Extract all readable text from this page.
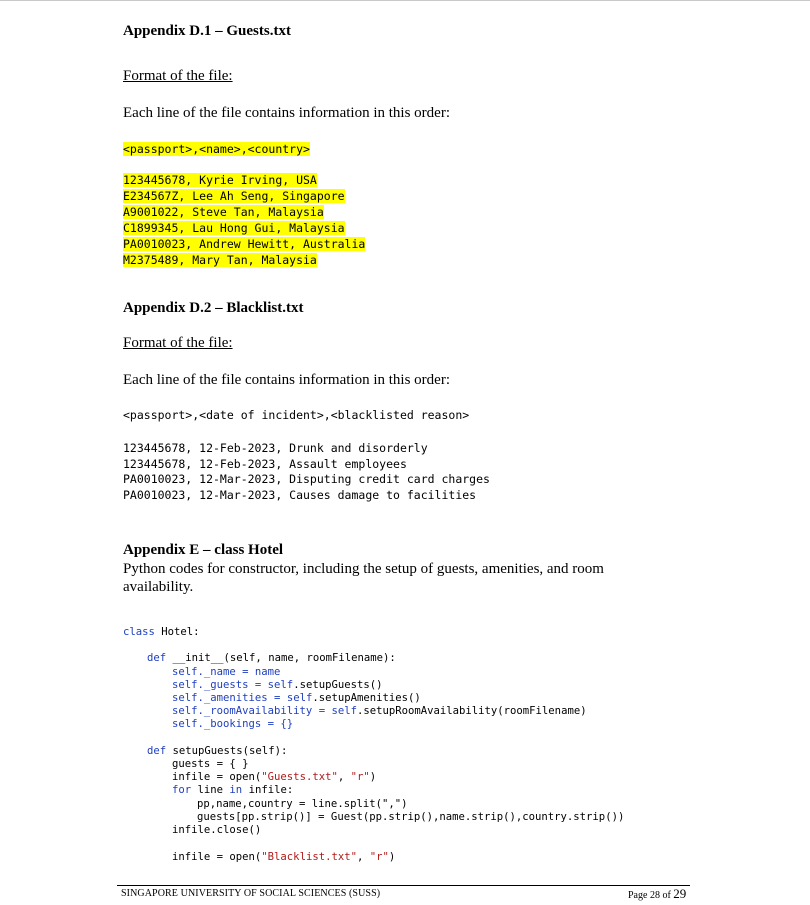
Appendix D.1 – Guests.txt
Format of the file:
Each line of the file contains information in this order:
<passport>,<name>,<country>
123445678, Kyrie Irving, USA
E234567Z, Lee Ah Seng, Singapore
A9001022, Steve Tan, Malaysia
C1899345, Lau Hong Gui, Malaysia
PA0010023, Andrew Hewitt, Australia
M2375489, Mary Tan, Malaysia
Appendix D.2 – Blacklist.txt
Format of the file:
Each line of the file contains information in this order:
<passport>,<date of incident>,<blacklisted reason>
123445678, 12-Feb-2023, Drunk and disorderly
123445678, 12-Feb-2023, Assault employees
PA0010023, 12-Mar-2023, Disputing credit card charges
PA0010023, 12-Mar-2023, Causes damage to facilities
Appendix E – class Hotel
Python codes for constructor, including the setup of guests, amenities, and room
availability.
class Hotel:
def __init__(self, name, roomFilename):
self._name = name
self._guests = self.setupGuests()
self._amenities = self.setupAmenities()
self._roomAvailability = self.setupRoomAvailability(roomFilename)
self._bookings = {}
def setupGuests(self):
guests = { }
infile = open("Guests.txt", "r")
for line in infile:
pp,name,country = line.split(",")
guests[pp.strip()] = Guest(pp.strip(),name.strip(),country.strip())
infile.close()
infile = open("Blacklist.txt", "r")
SINGAPORE UNIVERSITY OF SOCIAL SCIENCES (SUSS)	Page 28 of 29
